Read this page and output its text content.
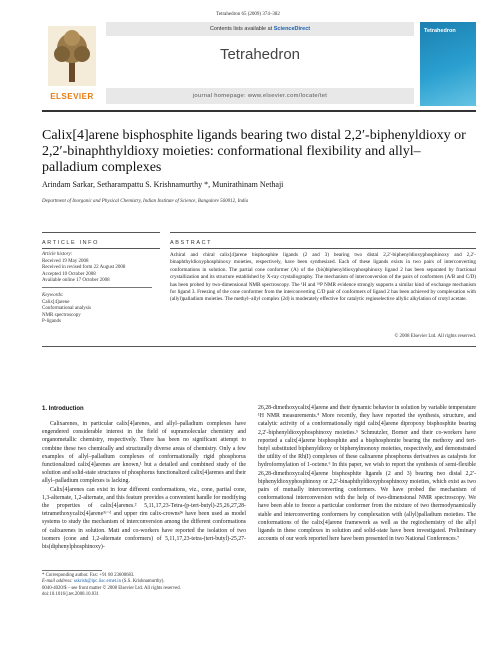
Tetrahedron 65 (2009) 374–382
ELSEVIER
Contents lists available at ScienceDirect
Tetrahedron
journal homepage: www.elsevier.com/locate/tet
Tetrahedron
Calix[4]arene bisphosphite ligands bearing two distal 2,2′-biphenyldioxy or 2,2′-binaphthyldioxy moieties: conformational flexibility and allyl–palladium complexes
Arindam Sarkar, Setharampattu S. Krishnamurthy *, Munirathinam Nethaji
Department of Inorganic and Physical Chemistry, Indian Institute of Science, Bangalore 560012, India
ARTICLE INFO	ABSTRACT
Article history:
Received 19 May 2008
Received in revised form 22 August 2008
Accepted 10 October 2008
Available online 17 October 2008
Keywords:
Calix[4]arene
Conformational analysis
NMR spectroscopy
P-ligands
Achiral and chiral calix[4]arene bisphosphite ligands (2 and 3) bearing two distal 2,2′-biphenyldioxyphosphinoxy and 2,2′-binaphthyldioxyphosphinoxy moieties, respectively, have been synthesized. Each of these ligands exists in two pairs of interconverting conformations in solution. The partial cone conformer (A) of the (bis)biphenyldioxyphosphinoxy ligand 2 has been separated by fractional crystallization and its structure established by X-ray crystallography. The mechanism of interconversion of the pairs of conformers (A/B and C/D) has been probed by two-dimensional NMR spectroscopy. The ¹H and ³¹P NMR evidence strongly supports a similar kind of exchange mechanism for ligand 3. Freezing of the cone conformer from the interconverting C/D pair of conformers of ligand 2 has been achieved by complexation with (allyl)palladium moieties. The methyl–allyl complex (2d) is moderately effective for catalytic regioselective allylic alkylation of crotyl acetate.
© 2008 Elsevier Ltd. All rights reserved.
1. Introduction

Calixarenes, in particular calix[4]arenes, and allyl–palladium complexes have engendered considerable interest in the field of supramolecular chemistry and organometallic chemistry, respectively. There has been no significant attempt to combine these two chemically and structurally diverse areas of chemistry. Only a few examples of allyl–palladium complexes of conformationally rigid phosphorus functionalized calix[4]arenes are known,¹ but a detailed and combined study of the solution and solid-state structures of phosphorus functionalized calix[4]arenes and their allyl–palladium complexes is lacking.

Calix[4]arenes can exist in four different conformations, viz., cone, partial cone, 1,3-alternate, 1,2-alternate, and this feature provides a convenient handle for modifying the properties of calix[4]arenes.² 5,11,17,23-Tetra-(p-tert-butyl)-25,26,27,28-tetramethoxycalix[4]arene³ᵃ⁻ᵈ and upper rim calix-crowns³ᵉ have been used as model systems to study the mechanism of interconversion among the different conformations of calixarenes in solution. Matt and co-workers have reported the isolation of two isomers (cone and 1,2-alternate conformers) of 5,11,17,23-tetra-(tert-butyl)-25,27-bis(diphenylphosphinoxy)-

26,28-dimethoxycalix[4]arene and their dynamic behavior in solution by variable temperature ¹H NMR measurements.⁴ More recently, they have reported the synthesis, structure, and catalytic activity of a conformationally rigid calix[4]arene dipropoxy bisphosphite bearing 2,2′-biphenyldioxyphosphinoxy moieties.⁵ Schmutzler, Borner and their co-workers have reported a calix[4]arene bisphosphite and a bisphosphonite bearing the methoxy and tert-butyl substituted biphenyldioxy or biphenylmonoxy moieties, respectively, and demonstrated the utility of the Rh(I) complexes of these calixarene phosphorus derivatives as catalysts for hydroformylation of 1-octene.⁶ In this paper, we wish to report the synthesis of semi-flexible 26,28-dimethoxycalix[4]arene bisphosphite ligands (2 and 3) bearing two distal 2,2′-biphenyldioxyphosphinoxy or 2,2′-binaphthyldioxyphosphinoxy moieties, which exist as two pairs of mutually interconverting conformers. We have probed the mechanism of conformational interconversion with the help of two-dimensional NMR spectroscopy. We have been able to freeze a particular conformer from the mixture of two thermodynamically stable and interconverting conformers by complexation with (allyl)palladium moieties. The conformations of the calix[4]arene framework as well as the regiochemistry of the allyl ligands in these complexes in solution and solid-state have been investigated. Preliminary accounts of our work reported here have been presented in two National Conferences.⁷

* Corresponding author. Fax: +91 80 23600683.
E-mail address: sskrish@ipc.iisc.ernet.in (S.S. Krishnamurthy).
0040-4020/$ – see front matter © 2008 Elsevier Ltd. All rights reserved.
doi:10.1016/j.tet.2008.10.031
